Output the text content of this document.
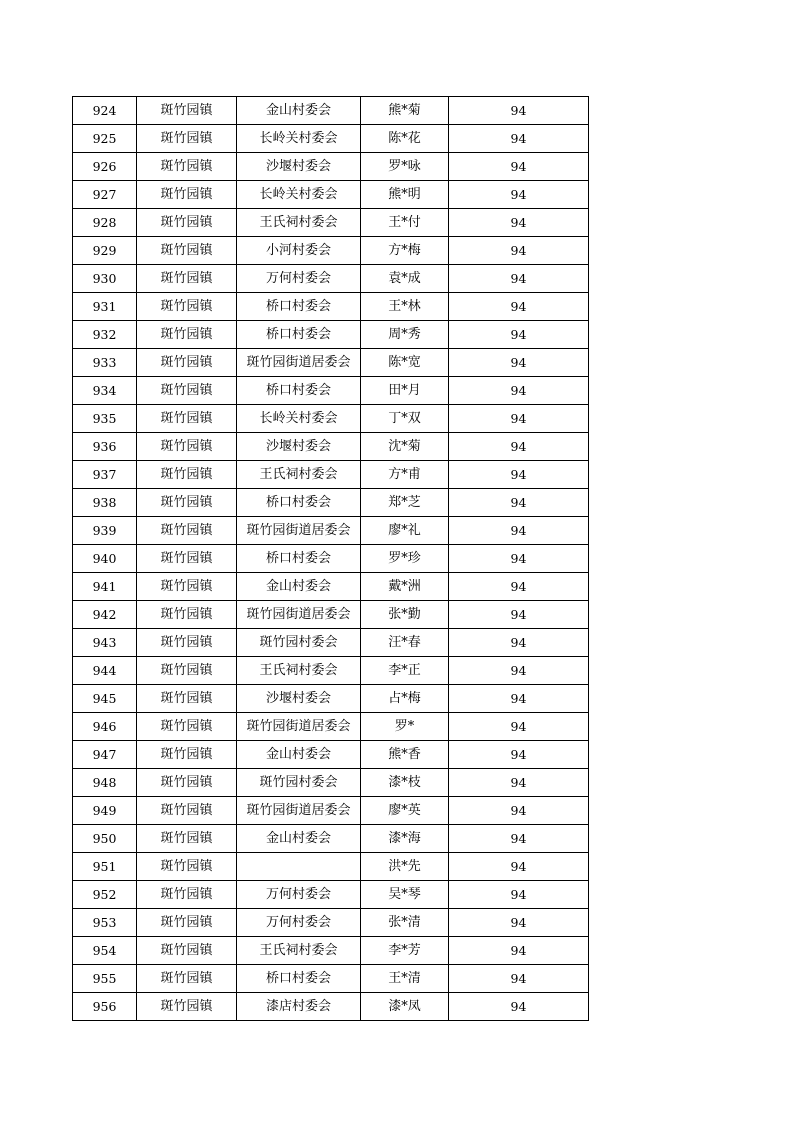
924	斑竹园镇	金山村委会	熊*菊	94
925	斑竹园镇	长岭关村委会	陈*花	94
926	斑竹园镇	沙堰村委会	罗*咏	94
927	斑竹园镇	长岭关村委会	熊*明	94
928	斑竹园镇	王氏祠村委会	王*付	94
929	斑竹园镇	小河村委会	方*梅	94
930	斑竹园镇	万何村委会	袁*成	94
931	斑竹园镇	桥口村委会	王*林	94
932	斑竹园镇	桥口村委会	周*秀	94
933	斑竹园镇	斑竹园街道居委会	陈*宽	94
934	斑竹园镇	桥口村委会	田*月	94
935	斑竹园镇	长岭关村委会	丁*双	94
936	斑竹园镇	沙堰村委会	沈*菊	94
937	斑竹园镇	王氏祠村委会	方*甫	94
938	斑竹园镇	桥口村委会	郑*芝	94
939	斑竹园镇	斑竹园街道居委会	廖*礼	94
940	斑竹园镇	桥口村委会	罗*珍	94
941	斑竹园镇	金山村委会	戴*洲	94
942	斑竹园镇	斑竹园街道居委会	张*勤	94
943	斑竹园镇	斑竹园村委会	汪*春	94
944	斑竹园镇	王氏祠村委会	李*正	94
945	斑竹园镇	沙堰村委会	占*梅	94
946	斑竹园镇	斑竹园街道居委会	罗*	94
947	斑竹园镇	金山村委会	熊*香	94
948	斑竹园镇	斑竹园村委会	漆*枝	94
949	斑竹园镇	斑竹园街道居委会	廖*英	94
950	斑竹园镇	金山村委会	漆*海	94
951	斑竹园镇		洪*先	94
952	斑竹园镇	万何村委会	吴*琴	94
953	斑竹园镇	万何村委会	张*清	94
954	斑竹园镇	王氏祠村委会	李*芳	94
955	斑竹园镇	桥口村委会	王*清	94
956	斑竹园镇	漆店村委会	漆*凤	94
